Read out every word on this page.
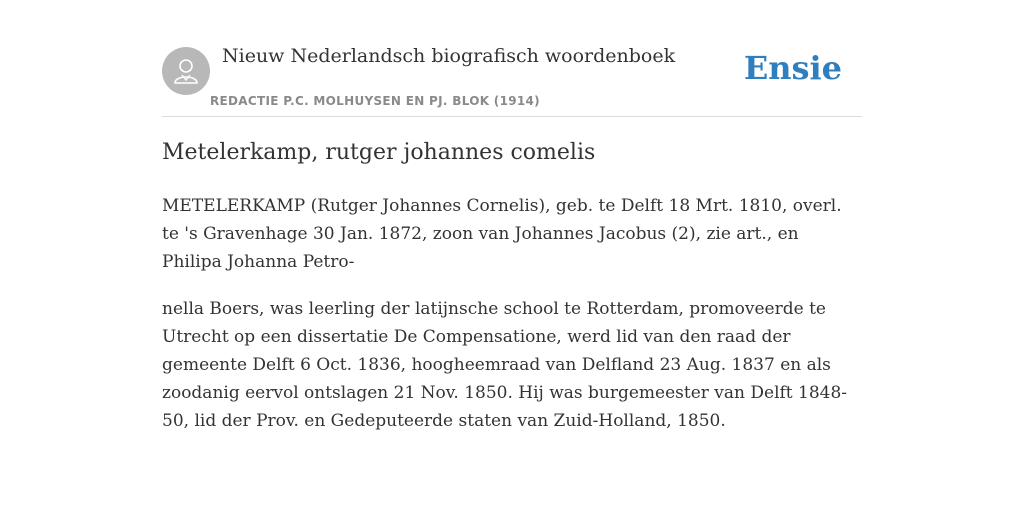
Nieuw Nederlandsch biografisch woordenboek
REDACTIE P.C. MOLHUYSEN EN PJ. BLOK (1914)
Ensie
Metelerkamp, rutger johannes comelis

METELERKAMP (Rutger Johannes Cornelis), geb. te Delft 18 Mrt. 1810, overl. te 's Gravenhage 30 Jan. 1872, zoon van Johannes Jacobus (2), zie art., en Philipa Johanna Petro-

nella Boers, was leerling der latijnsche school te Rotterdam, promoveerde te Utrecht op een dissertatie De Compensatione, werd lid van den raad der gemeente Delft 6 Oct. 1836, hoogheemraad van Delfland 23 Aug. 1837 en als zoodanig eervol ontslagen 21 Nov. 1850. Hij was burgemeester van Delft 1848-50, lid der Prov. en Gedeputeerde staten van Zuid-Holland, 1850.
